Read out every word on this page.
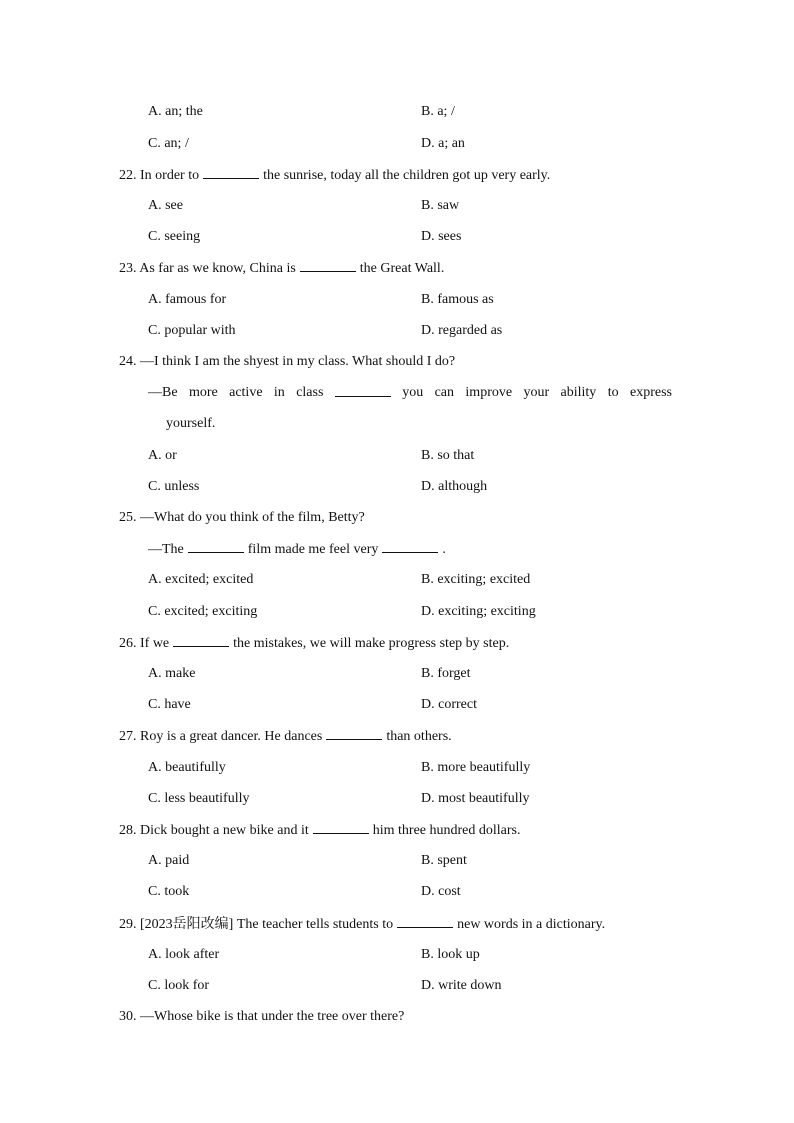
A. an; the	B. a; /
C. an; /	D. a; an
22. In order to	the sunrise, today all the children got up very early.
A. see	B. saw
C. seeing	D. sees
23. As far as we know, China is	the Great Wall.
A. famous for	B. famous as
C. popular with	D. regarded as
24. —I think I am the shyest in my class. What should I do?
—Be more active in class	you can improve your ability to express
yourself.
A. or	B. so that
C. unless	D. although
25. —What do you think of the film, Betty?
—The	film made me feel very	.
A. excited; excited	B. exciting; excited
C. excited; exciting	D. exciting; exciting
26. If we	the mistakes, we will make progress step by step.
A. make	B. forget
C. have	D. correct
27. Roy is a great dancer. He dances	than others.
A. beautifully	B. more beautifully
C. less beautifully	D. most beautifully
28. Dick bought a new bike and it	him three hundred dollars.
A. paid	B. spent
C. took	D. cost
29. [2023岳阳改编] The teacher tells students to	new words in a dictionary.
A. look after	B. look up
C. look for	D. write down
30. —Whose bike is that under the tree over there?
